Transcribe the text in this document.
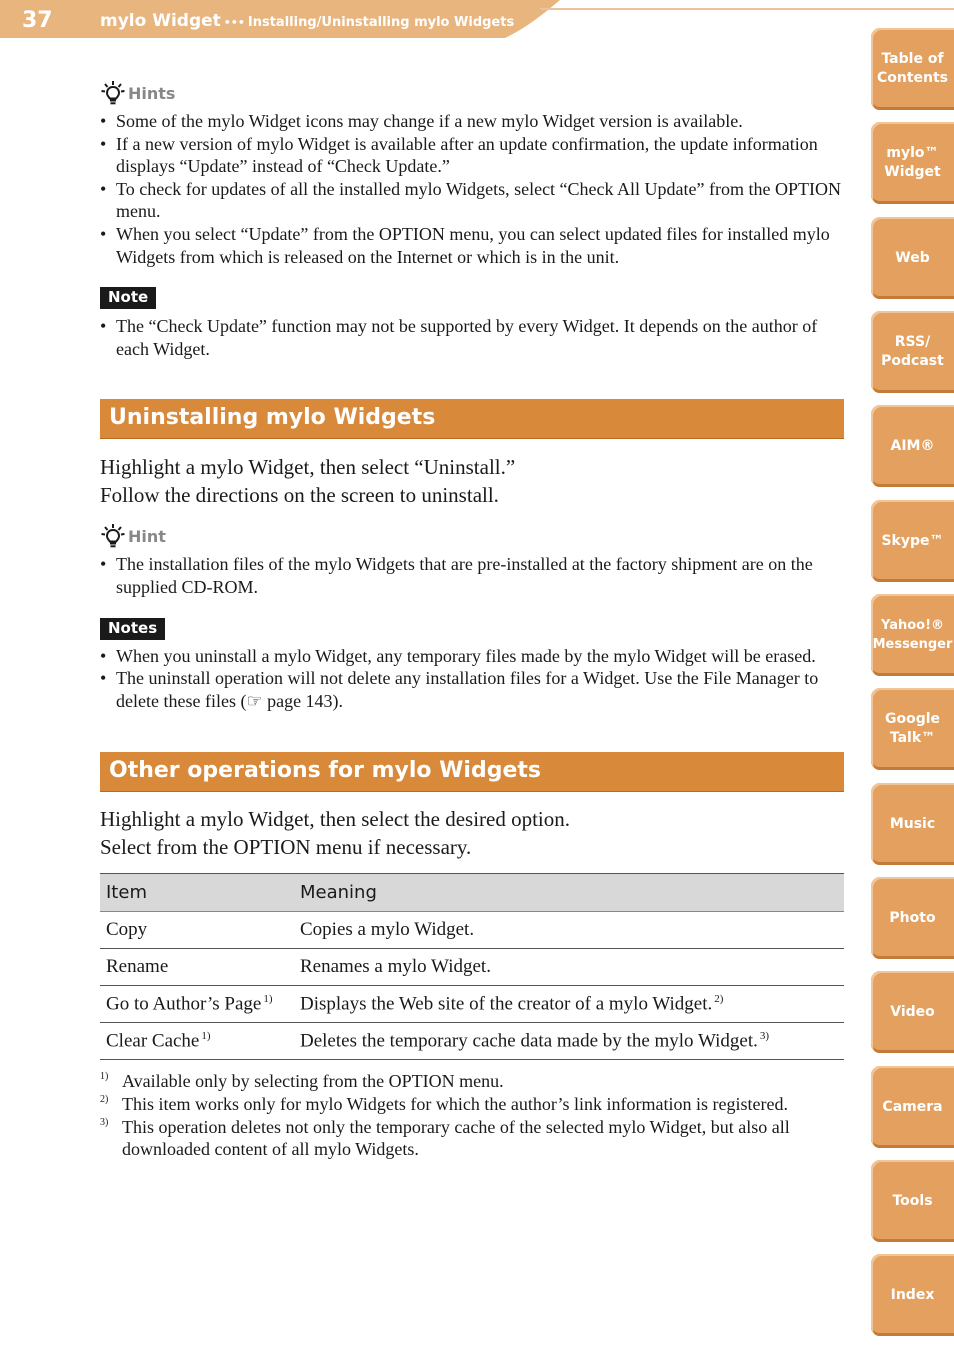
37	mylo Widget ••• Installing/Uninstalling mylo Widgets
Hints
• Some of the mylo Widget icons may change if a new mylo Widget version is available.
• If a new version of mylo Widget is available after an update confirmation, the update information displays “Update” instead of “Check Update.”
• To check for updates of all the installed mylo Widgets, select “Check All Update” from the OPTION menu.
• When you select “Update” from the OPTION menu, you can select updated files for installed mylo Widgets from which is released on the Internet or which is in the unit.
Note
• The “Check Update” function may not be supported by every Widget. It depends on the author of each Widget.
Uninstalling mylo Widgets
Highlight a mylo Widget, then select “Uninstall.”
Follow the directions on the screen to uninstall.
Hint
• The installation files of the mylo Widgets that are pre-installed at the factory shipment are on the supplied CD-ROM.
Notes
• When you uninstall a mylo Widget, any temporary files made by the mylo Widget will be erased.
• The uninstall operation will not delete any installation files for a Widget. Use the File Manager to delete these files (☞ page 143).
Other operations for mylo Widgets
Highlight a mylo Widget, then select the desired option.
Select from the OPTION menu if necessary.
Item	Meaning
Copy	Copies a mylo Widget.
Rename	Renames a mylo Widget.
Go to Author’s Page $^{1)}$	Displays the Web site of the creator of a mylo Widget. $^{2)}$
Clear Cache $^{1)}$	Deletes the temporary cache data made by the mylo Widget. $^{3)}$
1) Available only by selecting from the OPTION menu.
2) This item works only for mylo Widgets for which the author’s link information is registered.
3) This operation deletes not only the temporary cache of the selected mylo Widget, but also all downloaded content of all mylo Widgets.
Table of
Contents
mylo™
Widget
Web
RSS/
Podcast
AIM®
Skype™
Yahoo!®
Messenger
Google
Talk™
Music
Photo
Video
Camera
Tools
Index
